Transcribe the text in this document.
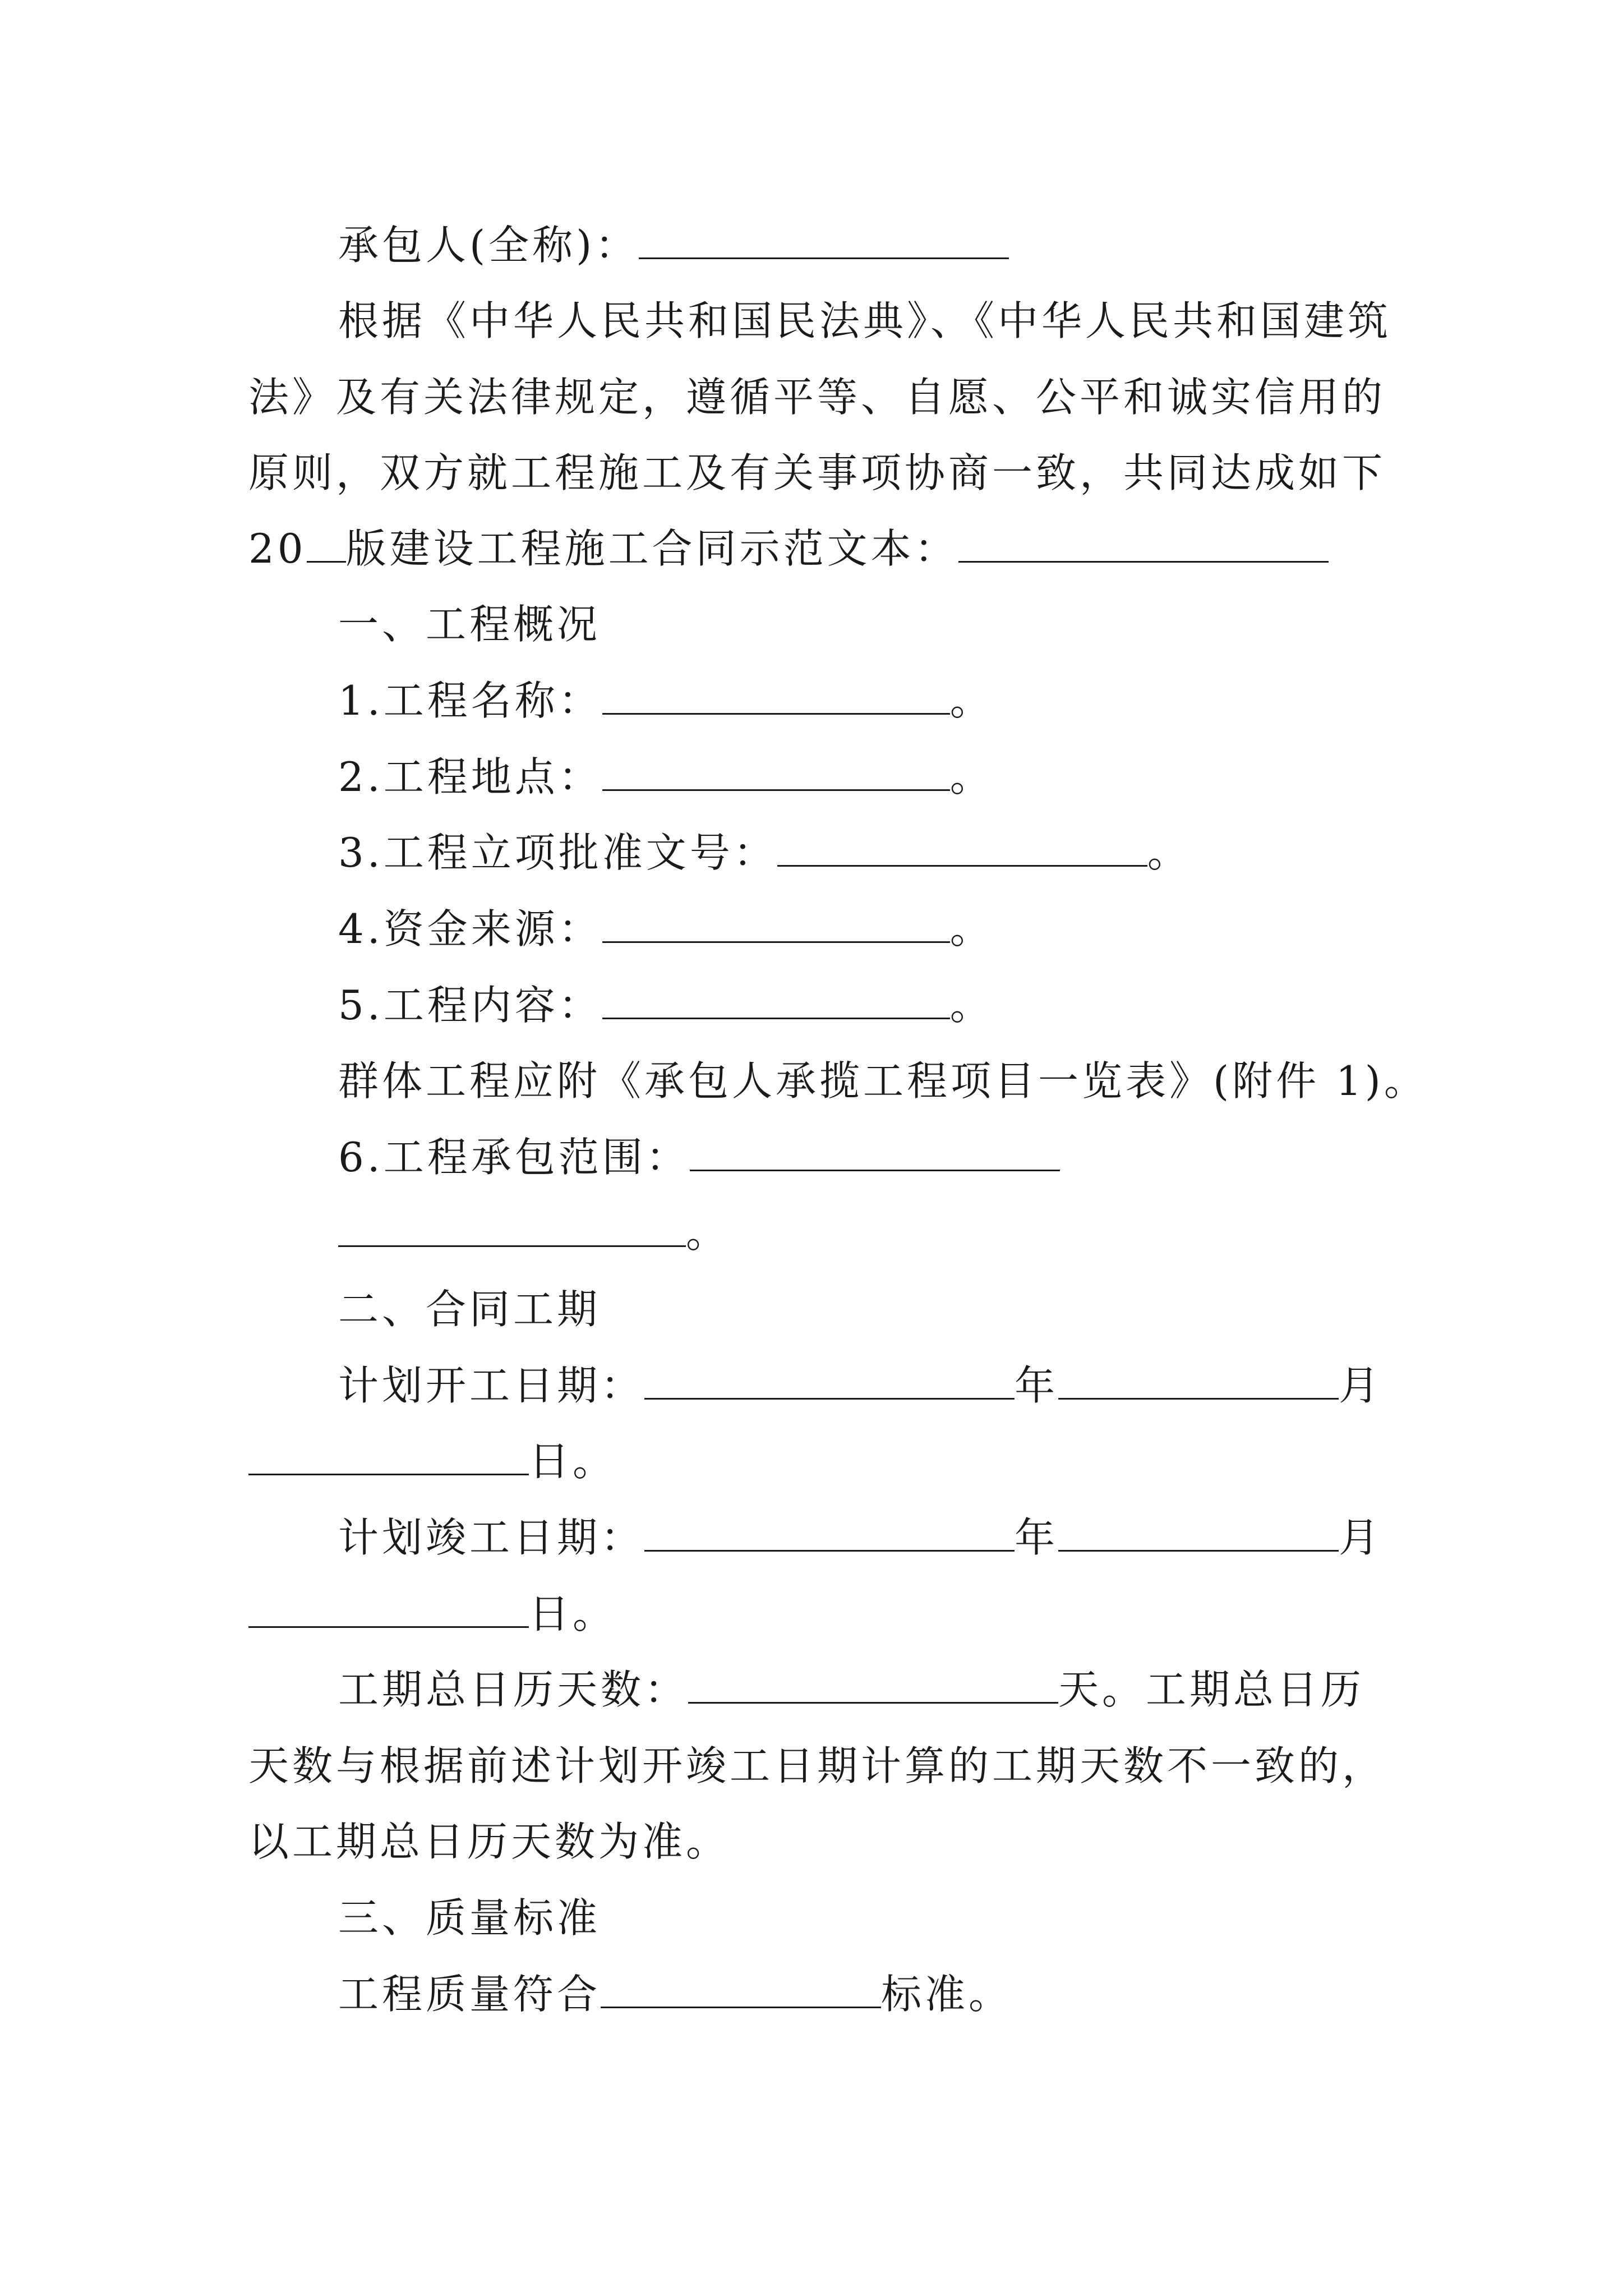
承包人(全称)：
根据《中华人民共和国民法典》、《中华人民共和国建筑
法》及有关法律规定，遵循平等、自愿、公平和诚实信用的
原则，双方就工程施工及有关事项协商一致，共同达成如下
20 版建设工程施工合同示范文本：
一、工程概况
1.工程名称：	。
2.工程地点：	。
3.工程立项批准文号：	。
4.资金来源：	。
5.工程内容：	。
群体工程应附《承包人承揽工程项目一览表》(附件 1)。
6.工程承包范围：
。
二、合同工期
计划开工日期：	年	月
日。
计划竣工日期：	年	月
日。
工期总日历天数：	天。工期总日历
天数与根据前述计划开竣工日期计算的工期天数不一致的，
以工期总日历天数为准。
三、质量标准
工程质量符合	标准。
